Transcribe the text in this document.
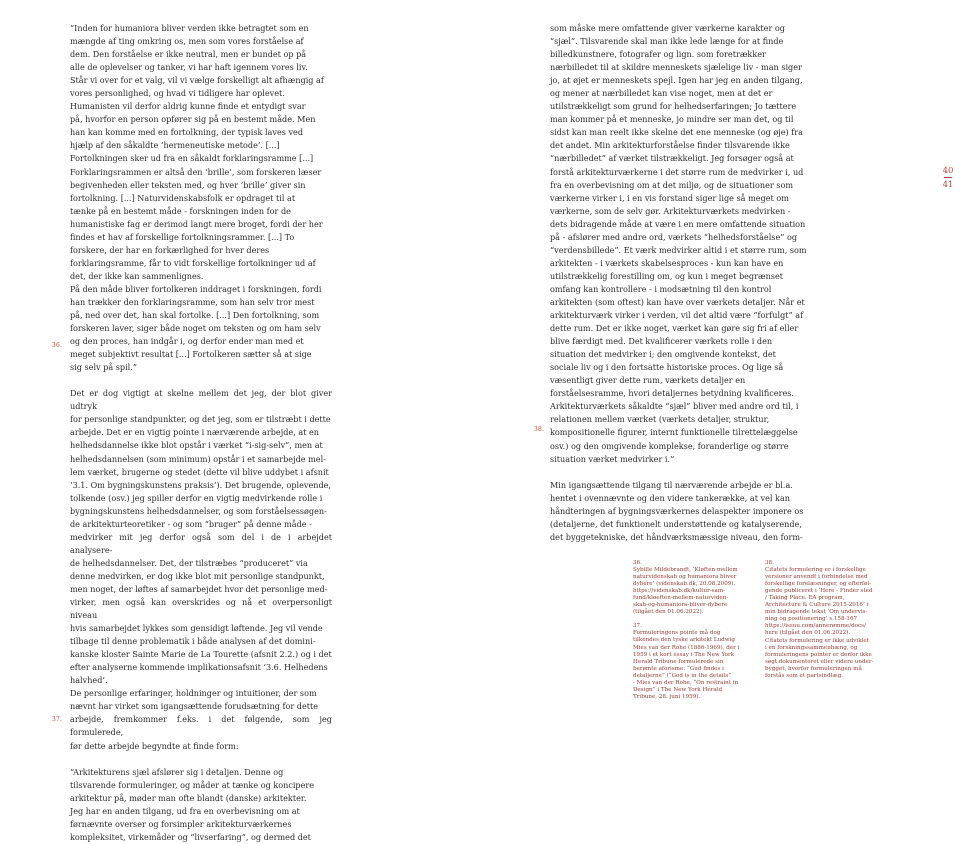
40
41

“Inden for humaniora bliver verden ikke betragtet som en

mængde af ting omkring os, men som vores forståelse af

dem. Den forståelse er ikke neutral, men er bundet op på

alle de oplevelser og tanker, vi har haft igennem vores liv.

Står vi over for et valg, vil vi vælge forskelligt alt afhængig af

vores personlighed, og hvad vi tidligere har oplevet.

Humanisten vil derfor aldrig kunne finde et entydigt svar

på, hvorfor en person opfører sig på en bestemt måde. Men

han kan komme med en fortolkning, der typisk laves ved

hjælp af den såkaldte ‘hermeneutiske metode’. [...]

Fortolkningen sker ud fra en såkaldt forklaringsramme [...]

Forklaringsrammen er altså den ‘brille’, som forskeren læser

begivenheden eller teksten med, og hver ‘brille’ giver sin

fortolkning. [...] Naturvidenskabsfolk er opdraget til at

tænke på en bestemt måde - forskningen inden for de

humanistiske fag er derimod langt mere broget, fordi der her

findes et hav af forskellige fortolkningsrammer. [...] To

forskere, der har en forkærlighed for hver deres

forklaringsramme, får to vidt forskellige fortolkninger ud af

det, der ikke kan sammenlignes.

På den måde bliver fortolkeren inddraget i forskningen, fordi

han trækker den forklaringsramme, som han selv tror mest

på, ned over det, han skal fortolke. [...] Den fortolkning, som

forskeren laver, siger både noget om teksten og om ham selv

og den proces, han indgår i, og derfor ender man med et

meget subjektivt resultat [...] Fortolkeren sætter så at sige

sig selv på spil.”

Det er dog vigtigt at skelne mellem det jeg, der blot giver udtryk

for personlige standpunkter, og det jeg, som er tilstræbt i dette

arbejde. Det er en vigtig pointe i nærværende arbejde, at en

helhedsdannelse ikke blot opstår i værket “i-sig-selv”, men at

helhedsdannelsen (som minimum) opstår i et samarbejde mel-

lem værket, brugerne og stedet (dette vil blive uddybet i afsnit

‘3.1. Om bygningskunstens praksis’). Det brugende, oplevende,

tolkende (osv.) jeg spiller derfor en vigtig medvirkende rolle i

bygningskunstens helhedsdannelser, og som forståelsessøgen-

de arkitekturteoretiker - og som “bruger” på denne måde -

medvirker mit jeg derfor også som del i de i arbejdet analysere-

de helhedsdannelser. Det, der tilstræbes “produceret” via

denne medvirken, er dog ikke blot mit personlige standpunkt,

men noget, der løftes af samarbejdet hvor det personlige med-

virker, men også kan overskrides og nå et overpersonligt niveau

hvis samarbejdet lykkes som gensidigt løftende. Jeg vil vende

tilbage til denne problematik i både analysen af det domini-

kanske kloster Sainte Marie de La Tourette (afsnit 2.2.) og i det

efter analyserne kommende implikationsafsnit ‘3.6. Helhedens

halvhed’.

De personlige erfaringer, holdninger og intuitioner, der som

nævnt har virket som igangsættende forudsætning for dette

arbejde, fremkommer f.eks. i det følgende, som jeg formulerede,

før dette arbejde begyndte at finde form:

“Arkitekturens sjæl afslører sig i detaljen. Denne og

tilsvarende formuleringer, og måder at tænke og koncipere

arkitektur på, møder man ofte blandt (danske) arkitekter.

Jeg har en anden tilgang, ud fra en overbevisning om at

førnævnte overser og forsimpler arkitekturværkernes

kompleksitet, virkemåder og “livserfaring”, og dermed det

36.
37.

som måske mere omfattende giver værkerne karakter og

“sjæl”. Tilsvarende skal man ikke lede længe for at finde

billedkunstnere, fotografer og lign. som foretrækker

nærbilledet til at skildre menneskets sjælelige liv - man siger

jo, at øjet er menneskets spejl. Igen har jeg en anden tilgang,

og mener at nærbilledet kan vise noget, men at det er

utilstrækkeligt som grund for helhedserfaringen; Jo tættere

man kommer på et menneske, jo mindre ser man det, og til

sidst kan man reelt ikke skelne det ene menneske (og øje) fra

det andet. Min arkitekturforståelse finder tilsvarende ikke

“nærbilledet” af værket tilstrækkeligt. Jeg forsøger også at

forstå arkitekturværkerne i det større rum de medvirker i, ud

fra en overbevisning om at det miljø, og de situationer som

værkerne virker i, i en vis forstand siger lige så meget om

værkerne, som de selv gør. Arkitekturværkets medvirken -

dets bidragende måde at være i en mere omfattende situation

på - afslører med andre ord, værkets “helhedsforståelse” og

“verdensbillede”. Et værk medvirker altid i et større rum, som

arkitekten - i værkets skabelsesproces - kun kan have en

utilstrækkelig forestilling om, og kun i meget begrænset

omfang kan kontrollere - i modsætning til den kontrol

arkitekten (som oftest) kan have over værkets detaljer. Når et

arkitekturværk virker i verden, vil det altid være “forfulgt” af

dette rum. Det er ikke noget, værket kan gøre sig fri af eller

blive færdigt med. Det kvalificerer værkets rolle i den

situation det medvirker i; den omgivende kontekst, det

sociale liv og i den fortsatte historiske proces. Og lige så

væsentligt giver dette rum, værkets detaljer en

forståelsesramme, hvori detaljernes betydning kvalificeres.

Arkitekturværkets såkaldte “sjæl” bliver med andre ord til, i

relationen mellem værket (værkets detaljer, struktur,

kompositionelle figurer, internt funktionelle tilrettelæggelse

osv.) og den omgivende komplekse, foranderlige og større

situation værket medvirker i.”

Min igangsættende tilgang til nærværende arbejde er bl.a.

hentet i ovennævnte og den videre tankerække, at vel kan

håndteringen af bygningsværkernes delaspekter imponere os

(detaljerne, det funktionelt understøttende og katalyserende,

det byggetekniske, det håndværksmæssige niveau, den form-

38.

36.

Sybille Mildebrandt, ‘Kløften mellem

naturvidenskab og humaniora bliver

dybere’ (videnskab.dk, 20.08.2009).

https://videnskab.dk/kultur-sam-

fund/kloeften-mellem-naturviden-

skab-og-humaniora-bliver-dybere

(tilgået den 01.06.2022).

37.

Formuleringens pointe må dog

tilkendes den tyske arkitekt Ludwig

Mies van der Rohe (1886-1969), der i

1959 i et kort essay i The New York

Herald Tribune formulerede sin

berømte aforisme: “Gud findes i

detaljerne” (“God is in the details”

- Mies van der Rohe, “On restraint in

Design” i The New York Herald

Tribune, 28. juni 1959).

38.

Citatets formulering er i forskellige

versioner anvendt i forbindelse med

forskellige forelæsninger, og efterføl-

gende publiceret i ‘Here - Finder sted

/ Taking Place. EA program,

Architecture & Culture 2015-2016’ i

min bidragende tekst ‘Om undervis-

ning og positionering’ s.158-167

https://issuu.com/annerømme/docs/

here (tilgået den 01.06.2022).

Citatets formulering er ikke udviklet

i en forskningssammenhæng, og

formuleringens pointer er derfor ikke

søgt dokumenteret eller videre under-

bygget, hvorfor formuleringen må

forstås som et partsindlæg.
